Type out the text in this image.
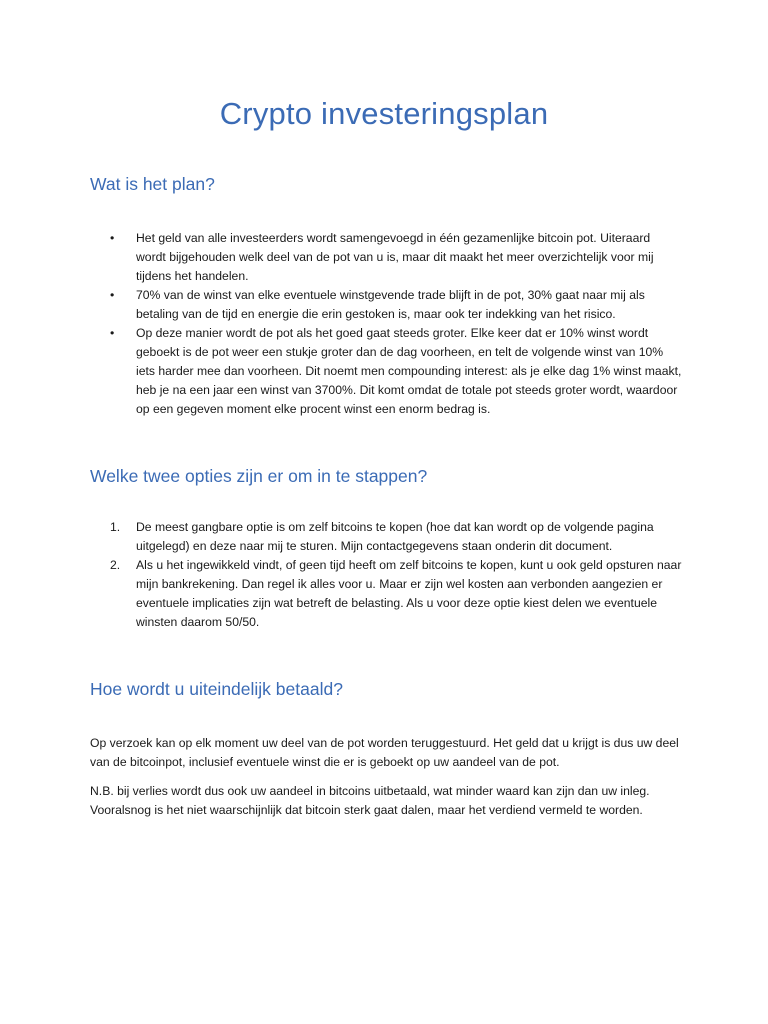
Crypto investeringsplan
Wat is het plan?
•	Het geld van alle investeerders wordt samengevoegd in één gezamenlijke bitcoin pot. Uiteraard wordt bijgehouden welk deel van de pot van u is, maar dit maakt het meer overzichtelijk voor mij tijdens het handelen.
•	70% van de winst van elke eventuele winstgevende trade blijft in de pot, 30% gaat naar mij als betaling van de tijd en energie die erin gestoken is, maar ook ter indekking van het risico.
•	Op deze manier wordt de pot als het goed gaat steeds groter. Elke keer dat er 10% winst wordt geboekt is de pot weer een stukje groter dan de dag voorheen, en telt de volgende winst van 10% iets harder mee dan voorheen. Dit noemt men compounding interest: als je elke dag 1% winst maakt, heb je na een jaar een winst van 3700%. Dit komt omdat de totale pot steeds groter wordt, waardoor op een gegeven moment elke procent winst een enorm bedrag is.
Welke twee opties zijn er om in te stappen?
1.	De meest gangbare optie is om zelf bitcoins te kopen (hoe dat kan wordt op de volgende pagina uitgelegd) en deze naar mij te sturen. Mijn contactgegevens staan onderin dit document.
2.	Als u het ingewikkeld vindt, of geen tijd heeft om zelf bitcoins te kopen, kunt u ook geld opsturen naar mijn bankrekening. Dan regel ik alles voor u. Maar er zijn wel kosten aan verbonden aangezien er eventuele implicaties zijn wat betreft de belasting. Als u voor deze optie kiest delen we eventuele winsten daarom 50/50.
Hoe wordt u uiteindelijk betaald?

Op verzoek kan op elk moment uw deel van de pot worden teruggestuurd. Het geld dat u krijgt is dus uw deel van de bitcoinpot, inclusief eventuele winst die er is geboekt op uw aandeel van de pot.

N.B. bij verlies wordt dus ook uw aandeel in bitcoins uitbetaald, wat minder waard kan zijn dan uw inleg. Vooralsnog is het niet waarschijnlijk dat bitcoin sterk gaat dalen, maar het verdiend vermeld te worden.
